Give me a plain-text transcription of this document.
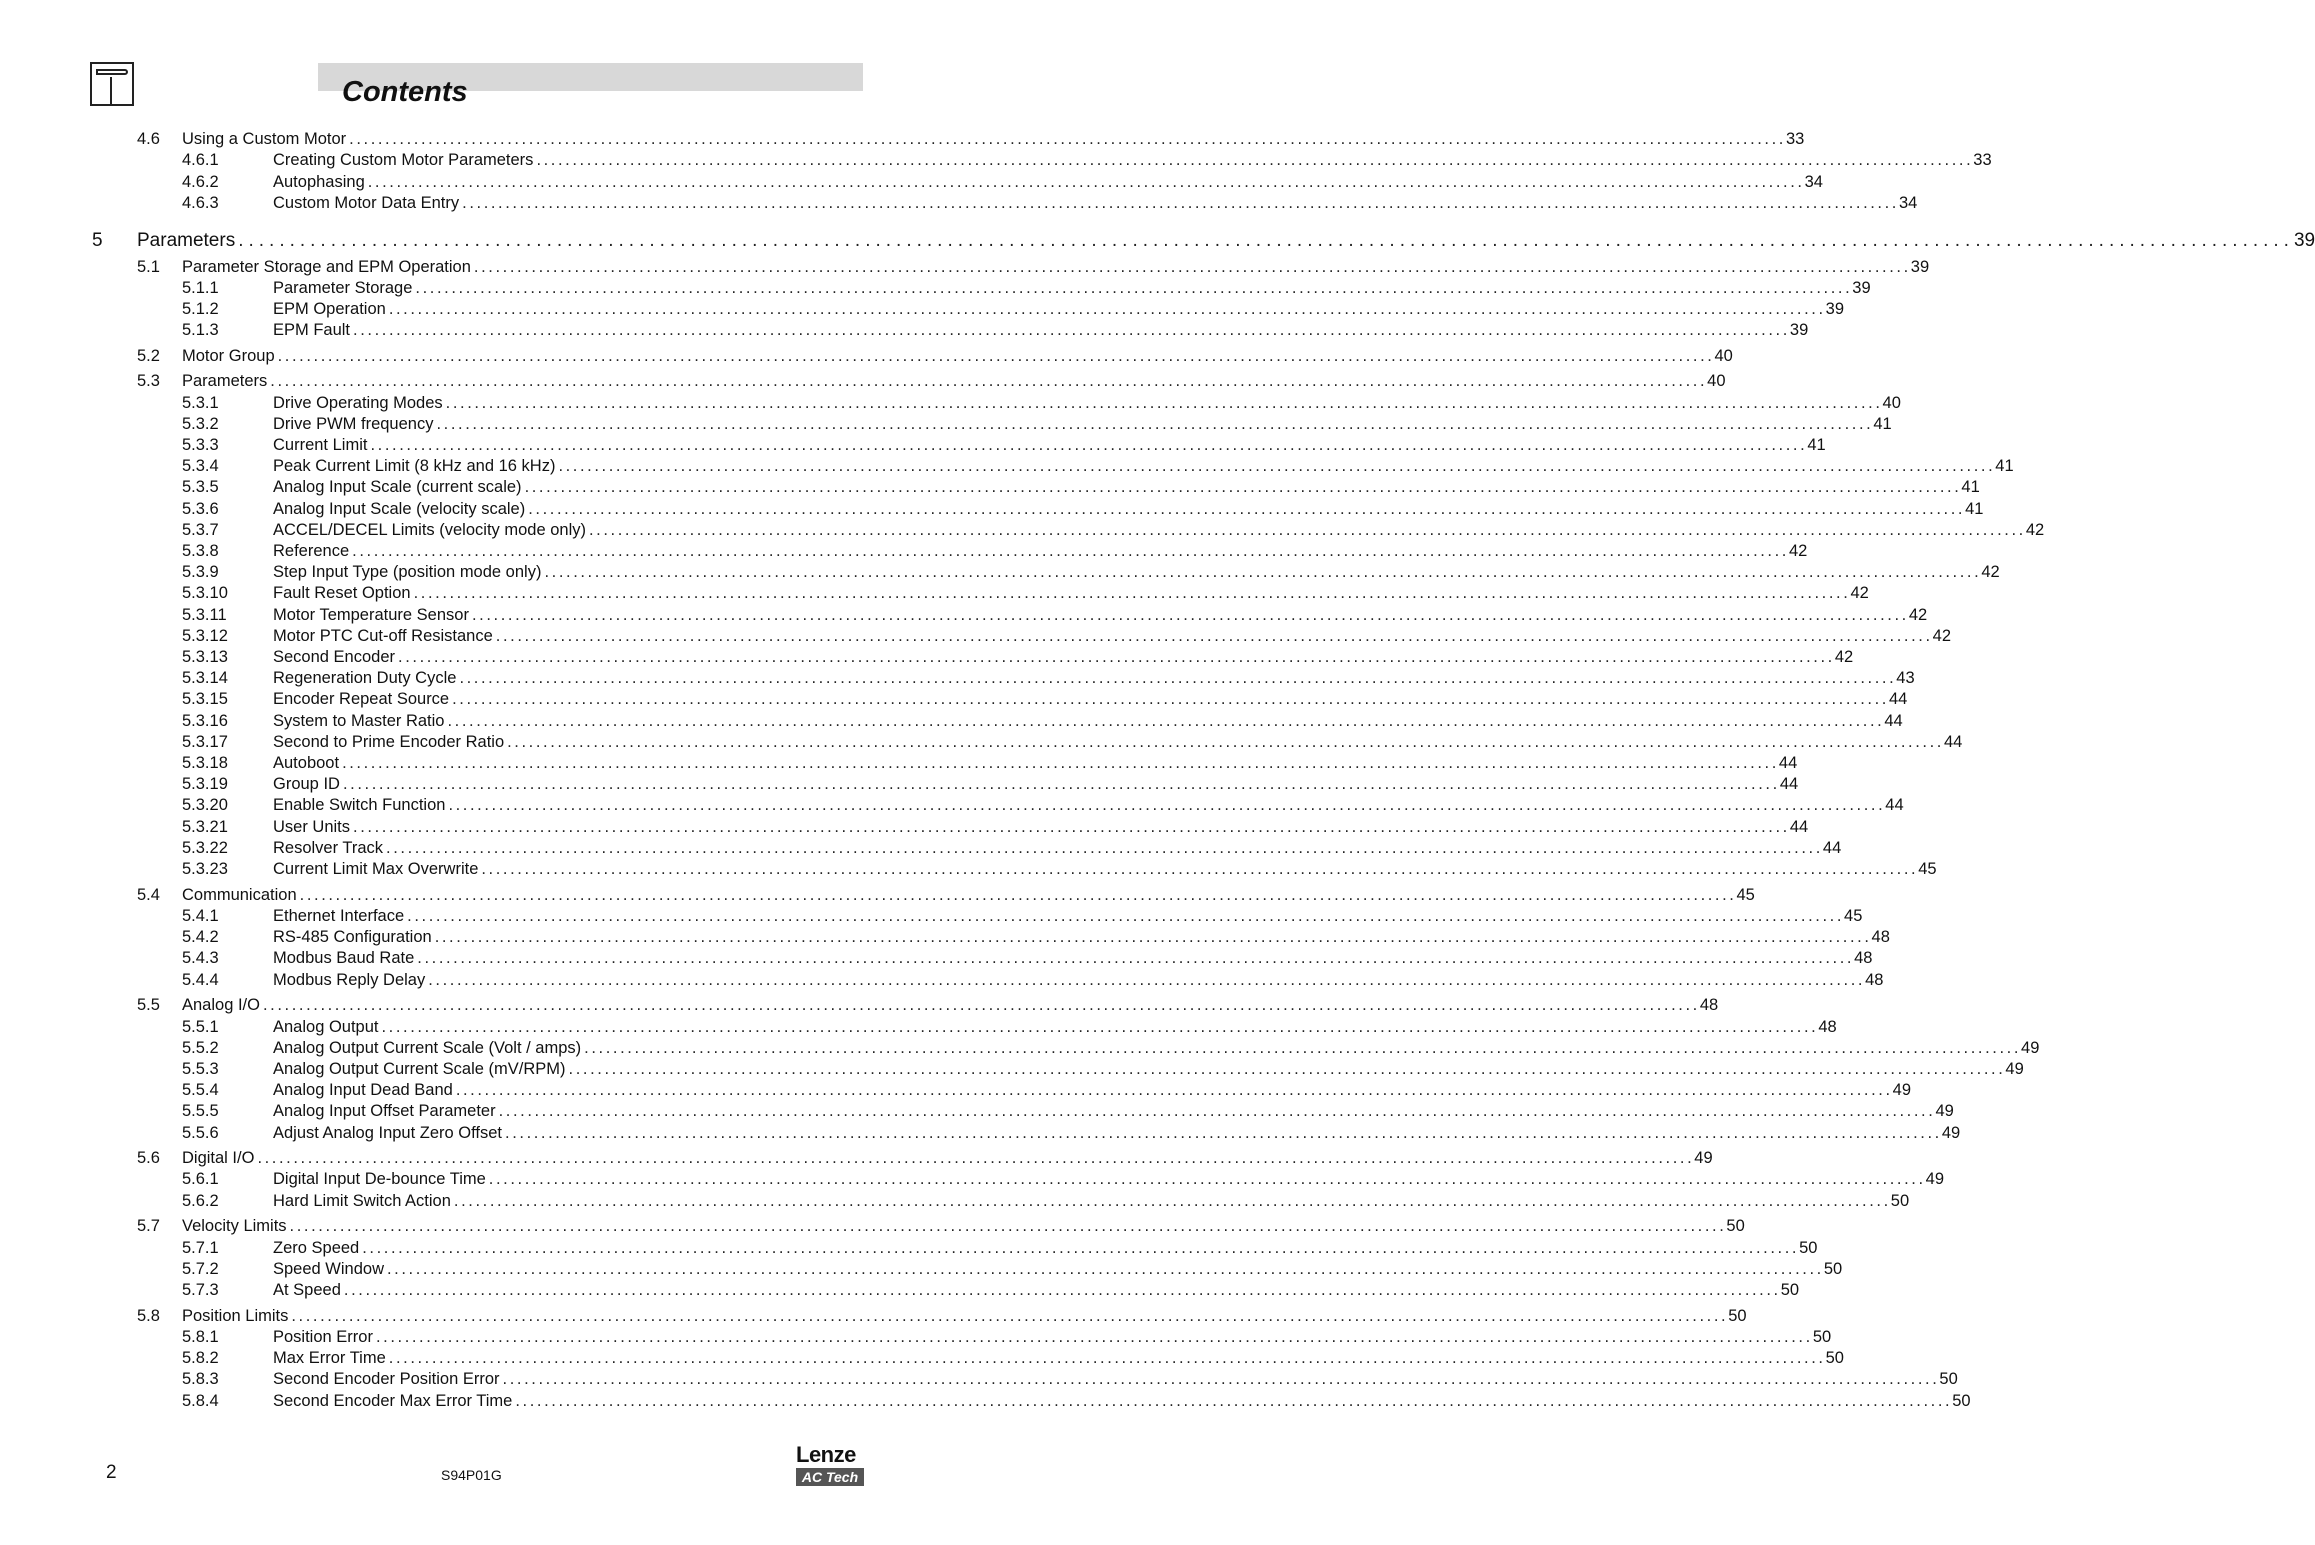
Contents
4.6 Using a Custom Motor ........................................................................................................................................................................................................ 33
4.6.1	Creating Custom Motor Parameters ........................................................................................................................................................................................................ 33
4.6.2	Autophasing ........................................................................................................................................................................................................ 34
4.6.3	Custom Motor Data Entry ........................................................................................................................................................................................................ 34
5 Parameters ........................................................................................................................................................................................................ 39
5.1 Parameter Storage and EPM Operation ........................................................................................................................................................................................................ 39
5.1.1	Parameter Storage ........................................................................................................................................................................................................ 39
5.1.2	EPM Operation ........................................................................................................................................................................................................ 39
5.1.3	EPM Fault ........................................................................................................................................................................................................ 39
5.2 Motor Group ........................................................................................................................................................................................................ 40
5.3 Parameters ........................................................................................................................................................................................................ 40
5.3.1	Drive Operating Modes ........................................................................................................................................................................................................ 40
5.3.2	Drive PWM frequency ........................................................................................................................................................................................................ 41
5.3.3	Current Limit ........................................................................................................................................................................................................ 41
5.3.4	Peak Current Limit (8 kHz and 16 kHz) ........................................................................................................................................................................................................ 41
5.3.5	Analog Input Scale (current scale) ........................................................................................................................................................................................................ 41
5.3.6	Analog Input Scale (velocity scale) ........................................................................................................................................................................................................ 41
5.3.7	ACCEL/DECEL Limits (velocity mode only) ........................................................................................................................................................................................................ 42
5.3.8	Reference ........................................................................................................................................................................................................ 42
5.3.9	Step Input Type (position mode only) ........................................................................................................................................................................................................ 42
5.3.10	Fault Reset Option ........................................................................................................................................................................................................ 42
5.3.11	Motor Temperature Sensor ........................................................................................................................................................................................................ 42
5.3.12	Motor PTC Cut-off Resistance ........................................................................................................................................................................................................ 42
5.3.13	Second Encoder ........................................................................................................................................................................................................ 42
5.3.14	Regeneration Duty Cycle ........................................................................................................................................................................................................ 43
5.3.15	Encoder Repeat Source ........................................................................................................................................................................................................ 44
5.3.16	System to Master Ratio ........................................................................................................................................................................................................ 44
5.3.17	Second to Prime Encoder Ratio ........................................................................................................................................................................................................ 44
5.3.18	Autoboot ........................................................................................................................................................................................................ 44
5.3.19	Group ID ........................................................................................................................................................................................................ 44
5.3.20	Enable Switch Function ........................................................................................................................................................................................................ 44
5.3.21	User Units ........................................................................................................................................................................................................ 44
5.3.22	Resolver Track ........................................................................................................................................................................................................ 44
5.3.23	Current Limit Max Overwrite ........................................................................................................................................................................................................ 45
5.4 Communication ........................................................................................................................................................................................................ 45
5.4.1	Ethernet Interface ........................................................................................................................................................................................................ 45
5.4.2	RS-485 Configuration ........................................................................................................................................................................................................ 48
5.4.3	Modbus Baud Rate ........................................................................................................................................................................................................ 48
5.4.4	Modbus Reply Delay ........................................................................................................................................................................................................ 48
5.5 Analog I/O ........................................................................................................................................................................................................ 48
5.5.1	Analog Output ........................................................................................................................................................................................................ 48
5.5.2	Analog Output Current Scale (Volt / amps) ........................................................................................................................................................................................................ 49
5.5.3	Analog Output Current Scale (mV/RPM) ........................................................................................................................................................................................................ 49
5.5.4	Analog Input Dead Band ........................................................................................................................................................................................................ 49
5.5.5	Analog Input Offset Parameter ........................................................................................................................................................................................................ 49
5.5.6	Adjust Analog Input Zero Offset ........................................................................................................................................................................................................ 49
5.6 Digital I/O ........................................................................................................................................................................................................ 49
5.6.1	Digital Input De-bounce Time ........................................................................................................................................................................................................ 49
5.6.2	Hard Limit Switch Action ........................................................................................................................................................................................................ 50
5.7 Velocity Limits ........................................................................................................................................................................................................ 50
5.7.1	Zero Speed ........................................................................................................................................................................................................ 50
5.7.2	Speed Window ........................................................................................................................................................................................................ 50
5.7.3	At Speed ........................................................................................................................................................................................................ 50
5.8 Position Limits ........................................................................................................................................................................................................ 50
5.8.1	Position Error ........................................................................................................................................................................................................ 50
5.8.2	Max Error Time ........................................................................................................................................................................................................ 50
5.8.3	Second Encoder Position Error ........................................................................................................................................................................................................ 50
5.8.4	Second Encoder Max Error Time ........................................................................................................................................................................................................ 50
2	S94P01G
Lenze
AC Tech
